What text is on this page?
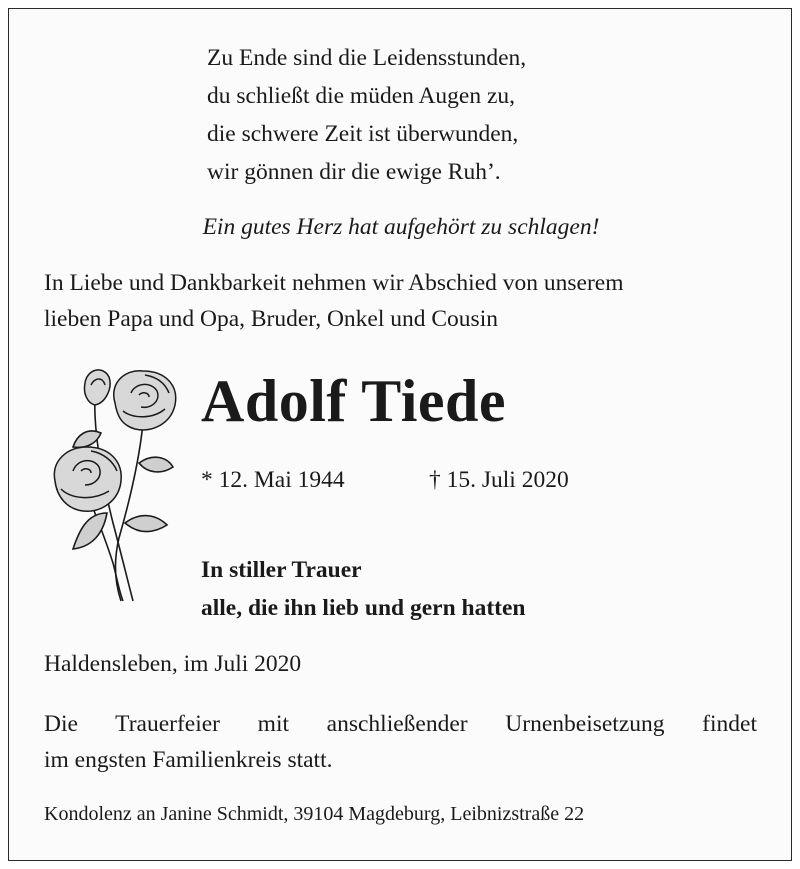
Zu Ende sind die Leidensstunden,
du schließt die müden Augen zu,
die schwere Zeit ist überwunden,
wir gönnen dir die ewige Ruh’.
Ein gutes Herz hat aufgehört zu schlagen!
In Liebe und Dankbarkeit nehmen wir Abschied von unserem
lieben Papa und Opa, Bruder, Onkel und Cousin
Adolf Tiede
* 12. Mai 1944	† 15. Juli 2020
In stiller Trauer
alle, die ihn lieb und gern hatten
Haldensleben, im Juli 2020
Die Trauerfeier mit anschließender Urnenbeisetzung findet
im engsten Familienkreis statt.
Kondolenz an Janine Schmidt, 39104 Magdeburg, Leibnizstraße 22
